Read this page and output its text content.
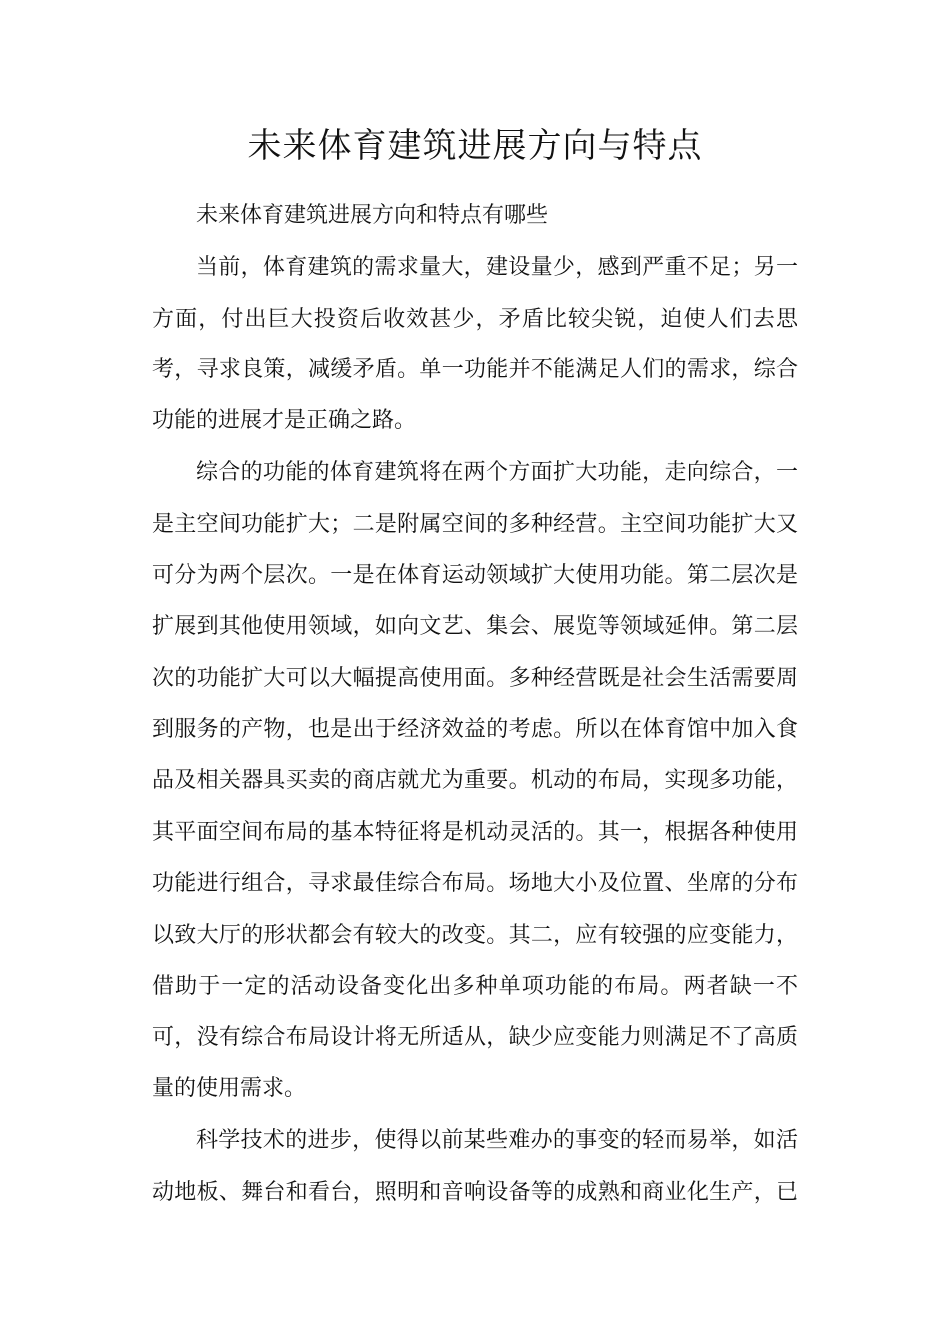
未来体育建筑进展方向与特点
未来体育建筑进展方向和特点有哪些
当前，体育建筑的需求量大，建设量少，感到严重不足；另一
方面，付出巨大投资后收效甚少，矛盾比较尖锐，迫使人们去思
考，寻求良策，减缓矛盾。单一功能并不能满足人们的需求，综合
功能的进展才是正确之路。
综合的功能的体育建筑将在两个方面扩大功能，走向综合，一
是主空间功能扩大；二是附属空间的多种经营。主空间功能扩大又
可分为两个层次。一是在体育运动领域扩大使用功能。第二层次是
扩展到其他使用领域，如向文艺、集会、展览等领域延伸。第二层
次的功能扩大可以大幅提高使用面。多种经营既是社会生活需要周
到服务的产物，也是出于经济效益的考虑。所以在体育馆中加入食
品及相关器具买卖的商店就尤为重要。机动的布局，实现多功能，
其平面空间布局的基本特征将是机动灵活的。其一，根据各种使用
功能进行组合，寻求最佳综合布局。场地大小及位置、坐席的分布
以致大厅的形状都会有较大的改变。其二，应有较强的应变能力，
借助于一定的活动设备变化出多种单项功能的布局。两者缺一不
可，没有综合布局设计将无所适从，缺少应变能力则满足不了高质
量的使用需求。
科学技术的进步，使得以前某些难办的事变的轻而易举，如活
动地板、舞台和看台，照明和音响设备等的成熟和商业化生产，已
